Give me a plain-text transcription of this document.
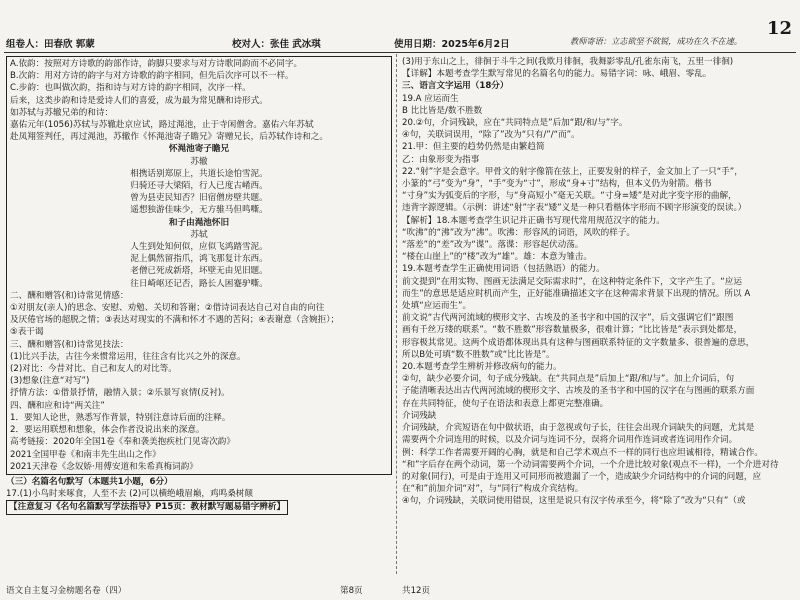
组卷人：田春欣 郭蒙	校对人：张佳 武冰琪	使用日期：2025年6月2日	教师寄语：立志欲坚不欲锐，成功在久不在速。
12
A.依韵：按照对方诗歌的韵部作诗，韵脚只要求与对方诗歌同韵而不必同字。
B.次韵：用对方诗的韵字与对方诗歌的韵字相同，但先后次序可以不一样。
C.步韵：也叫做次韵，指和诗与对方诗的韵字相同，次序一样。
后来，这类步韵和诗是爱诗人们的喜爱，成为最为常见酬和诗形式。
如苏轼与苏辙兄弟的和诗：
嘉佑元年(1056)苏轼与苏辙赴京应试，路过渑池，止于寺闲僧舍。嘉佑六年苏轼
赴凤翔签判任，再过渑池，苏辙作《怀渑池寄子瞻兄》寄赠兄长，后苏轼作诗和之。
怀渑池寄子瞻兄
苏辙
相携话别郑原上，共道长途怕雪泥。
归骑还寻大梁陌，行人已度古崤西。
曾为县吏民知否？旧宿僧房壁共题。
遥想独游佳味少，无方骓马但鸣嘶。
和子由渑池怀旧
苏轼
人生到处知何似，应似飞鸿踏雪泥。
泥上偶然留指爪，鸿飞那复计东西。
老僧已死成新塔，坏壁无由见旧题。
往日崎岖还记否，路长人困蹇驴嘶。
二、酬和赠答(和)诗常见情感：
①对朋友(亲人)的思念、安慰、劝勉、关切和答谢；②借诗词表达自己对自由的向往
及厌倦官场的超脱之情；③表达对现实的不满和怀才不遇的苦闷；④表谢意（含婉拒）；
⑤表干谒
三、酬和赠答(和)诗常见技法：
(1)比兴手法，古往今来惯常运用，往往含有比兴之外的深意。
(2)对比：今昔对比、自己和友人的对比等。
(3)想象(注意“对写”)
抒情方法：①借景抒情，融情入景；②乐景写哀情(反衬)。
四、酬和应和诗“两关注”
1．要知人论世，熟悉写作背景，特别注意诗后面的注释。
2．要运用联想和想象，体会作者没说出来的深意。
高考链接：2020年全国1卷《奉和袭美抱疾杜门见寄次韵》
2021全国甲卷《和南丰先生出山之作》
2021天津卷《念奴娇·用傅安道和朱希真梅词韵》
（三）名篇名句默写（本题共1小题，6分）
17.(1)小鸟时来啄食，人至不去 (2)可以横绝峨眉巅，鸡鸣桑树颠
【注意复习《名句名篇默写学法指导》P15页：教材默写题易错字辨析】
(3)用于东山之上，徘徊于斗牛之间(我欺月徘徊，我舞影零乱/孔雀东南飞，五里一徘徊)
【详解】本题考查学生默写常见的名篇名句的能力。易错字词：咏、峨眉、零乱。
三、语言文字运用（18分）
19.A 应运而生
B 比比皆是/数不胜数
20.②句，介词残缺，应在“共同特点是”后加“跟/和/与”字。
④句，关联词误用，“除了”改为“只有/”/“而”。
21.甲：但主要的趋势仍然是由繁趋简
乙：由象形变为指事
22.“射”字是会意字。甲骨文的射字像箭在弦上，正要发射的样子，金文加上了一只“手”，
小篆的“弓”变为“身”，“手”变为“寸”，形成“身+寸”结构，但本义仍为射箭。楷书
“寸身”实为弧变后的字形，与“身高短小”毫无关联。“寸身=矮”是对此字变字形的曲解，
违背字源逻辑。（示例：讲述“射”字表“矮”义是一种只看楷体字形而不顾字形演变的误读。）
【解析】18.本题考查学生识记并正确书写现代常用规范汉字的能力。
“吹沸”的“沸”改为“沸”。吹沸：形容风的词语，风吹的样子。
“落差”的“差”改为“谍”。落谍：形容起伏动荡。
“楼在山崖上”的“楼”改为“雄”。雄：本意为雏击。
19.本题考查学生正确使用词语（包括熟语）的能力。
前文提到“在用实物、图画无法满足交际需求时”，在这种特定条件下，文字产生了。“应运
而生”的意思是适应时机而产生，正好能准确描述文字在这种需求背景下出现的情况。所以 A
处填“应运而生”。
前文说“古代两河流域的楔形文字、古埃及的圣书字和中国的汉字”，后文强调它们“跟图
画有千丝万缕的联系”。“数不胜数”形容数量极多，很难计算；“比比皆是”表示到处都是，
形容极其常见。这两个成语都体现出具有这种与图画联系特征的文字数量多、很普遍的意思，
所以B处可填“数不胜数”或“比比皆是”。
20.本题考查学生辨析并修改病句的能力。
②句，缺少必要介词，句子成分残缺。在“共同点是”后加上“跟/和/与”。加上介词后，句
子能清晰表达出古代两河流域的楔形文字、古埃及的圣书字和中国的汉字在与图画的联系方面
存在共同特征，使句子在语法和表意上都更完整准确。
介词残缺
介词残缺，介宾短语在句中做状语，由于忽视或句子长，往往会出现介词缺失的问题，尤其是
需要两个介词连用的时候，以及介词与连词不分，误将介词用作连词或者连词用作介词。
例：科学工作者需要开阔的心胸，就是和自己学术观点不一样的同行也应坦诚相待，精诚合作。
“和”字后存在两个动词，第一个动词需要两个介词，一个介进比较对象(观点不一样)，一个介进对待
的对象(同行)，可是由于连用又可同形而被遗漏了一个，造成缺少介词结构中的介词的问题，应
在“和”前加介词“对”，与“同行”构成介宾结构。
④句，介词残缺，关联词使用错误，这里是说只有汉字传承至今，将“除了”改为“只有”（或
语文自主复习金榜题名卷（四）	第8页	共12页
